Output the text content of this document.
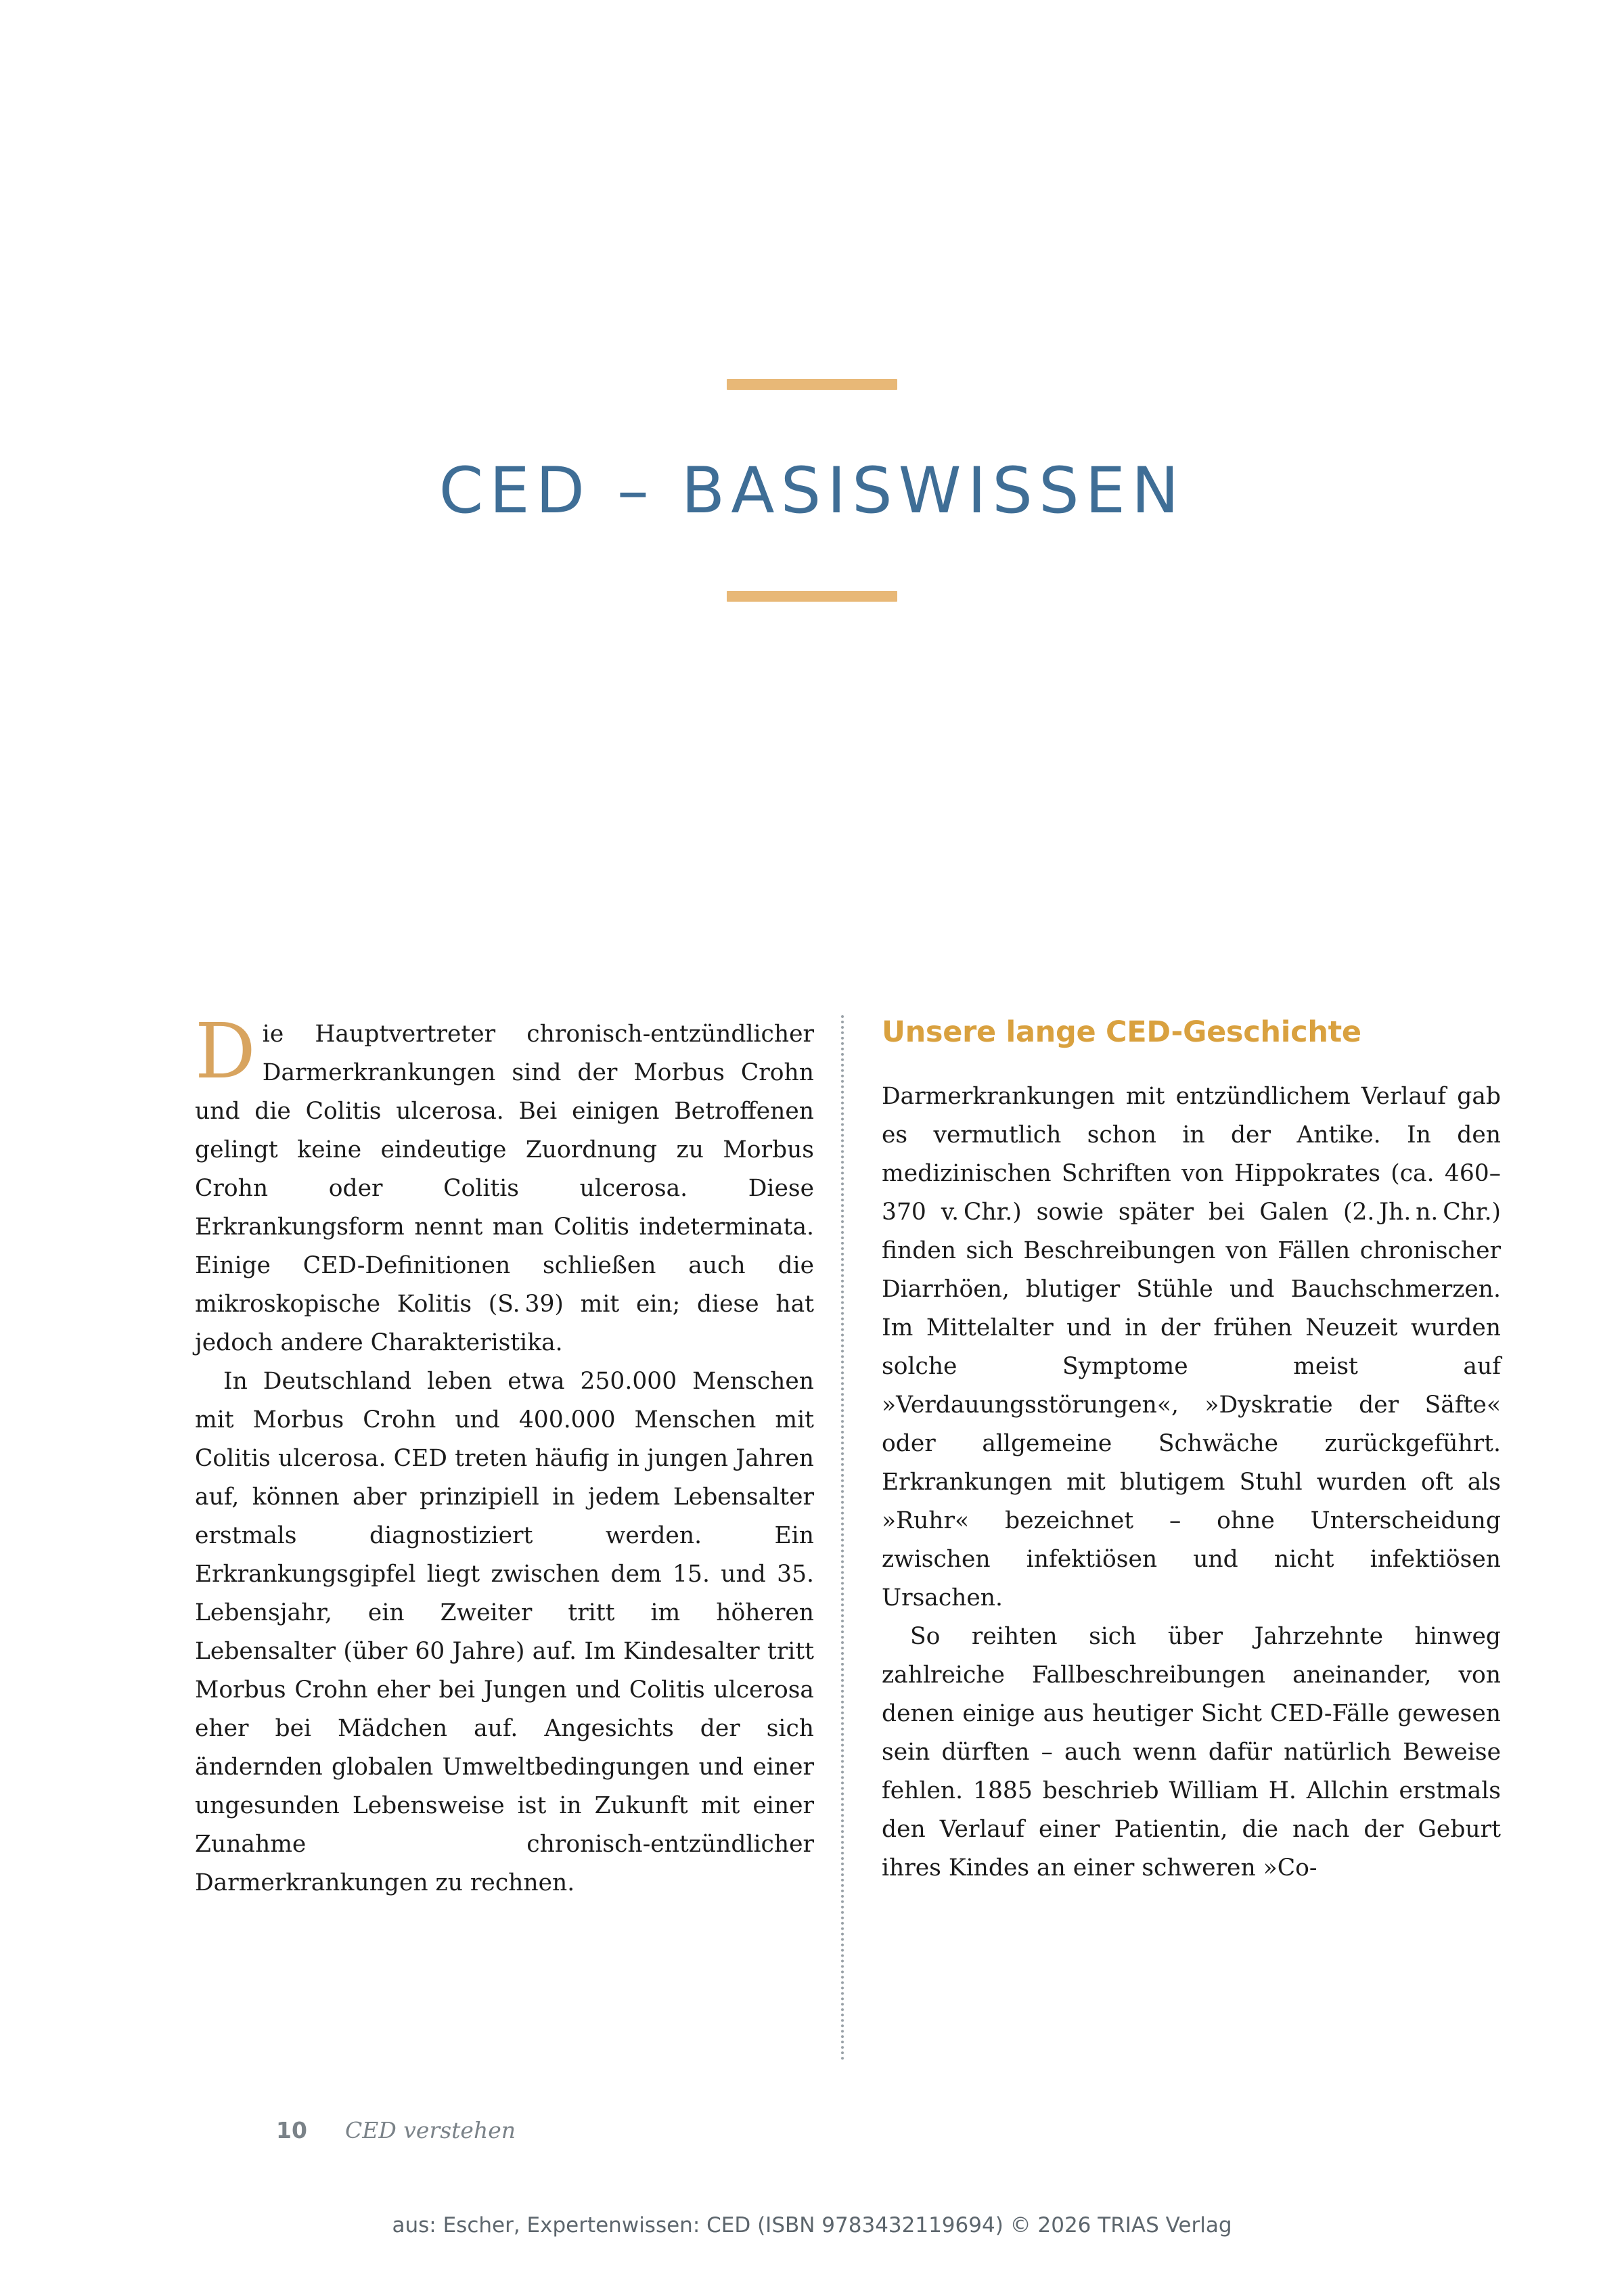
CED – BASISWISSEN

Die Hauptvertreter chronisch-entzündlicher Darmerkrankungen sind der Morbus Crohn und die Colitis ulcerosa. Bei einigen Betroffenen gelingt keine eindeutige Zuordnung zu Morbus Crohn oder Colitis ulcerosa. Diese Erkrankungsform nennt man Colitis indeterminata. Einige CED-Definitionen schließen auch die mikroskopische Kolitis (S. 39) mit ein; diese hat jedoch andere Charakteristika.

In Deutschland leben etwa 250.000 Menschen mit Morbus Crohn und 400.000 Menschen mit Colitis ulcerosa. CED treten häufig in jungen Jahren auf, können aber prinzipiell in jedem Lebensalter erstmals diagnostiziert werden. Ein Erkrankungsgipfel liegt zwischen dem 15. und 35. Lebensjahr, ein Zweiter tritt im höheren Lebensalter (über 60 Jahre) auf. Im Kindesalter tritt Morbus Crohn eher bei Jungen und Colitis ulcerosa eher bei Mädchen auf. Angesichts der sich ändernden globalen Umweltbedingungen und einer ungesunden Lebensweise ist in Zukunft mit einer Zunahme chronisch-entzündlicher Darmerkrankungen zu rechnen.

Unsere lange CED-Geschichte

Darmerkrankungen mit entzündlichem Verlauf gab es vermutlich schon in der Antike. In den medizinischen Schriften von Hippokrates (ca. 460–370 v. Chr.) sowie später bei Galen (2. Jh. n. Chr.) finden sich Beschreibungen von Fällen chronischer Diarrhöen, blutiger Stühle und Bauchschmerzen. Im Mittelalter und in der frühen Neuzeit wurden solche Symptome meist auf »Verdauungsstörungen«, »Dyskratie der Säfte« oder allgemeine Schwäche zurückgeführt. Erkrankungen mit blutigem Stuhl wurden oft als »Ruhr« bezeichnet – ohne Unterscheidung zwischen infektiösen und nicht infektiösen Ursachen.

So reihten sich über Jahrzehnte hinweg zahlreiche Fallbeschreibungen aneinander, von denen einige aus heutiger Sicht CED-Fälle gewesen sein dürften – auch wenn dafür natürlich Beweise fehlen. 1885 beschrieb William H. Allchin erstmals den Verlauf einer Patientin, die nach der Geburt ihres Kindes an einer schweren »Co-

10 CED verstehen
aus: Escher, Expertenwissen: CED (ISBN 9783432119694) © 2026 TRIAS Verlag
